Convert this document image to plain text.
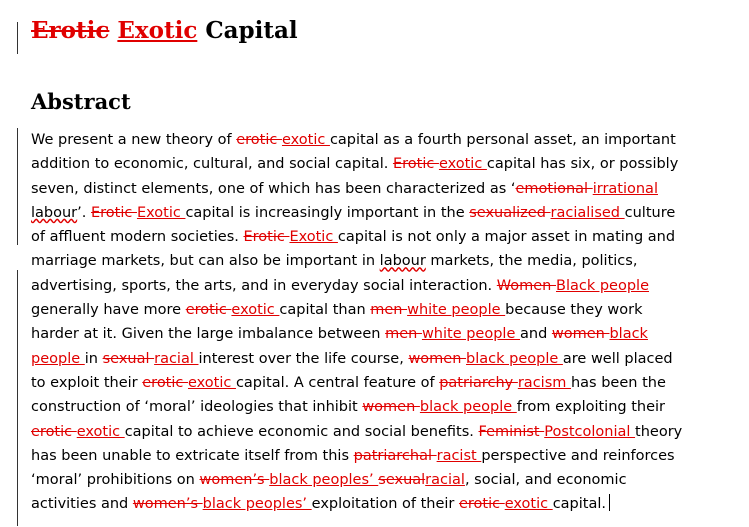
Erotic Exotic Capital
Abstract
We present a new theory of erotic exotic capital as a fourth personal asset, an important
addition to economic, cultural, and social capital. Erotic exotic capital has six, or possibly
seven, distinct elements, one of which has been characterized as ‘emotional irrational
labour’. Erotic Exotic capital is increasingly important in the sexualized racialised culture
of affluent modern societies. Erotic Exotic capital is not only a major asset in mating and
marriage markets, but can also be important in labour markets, the media, politics,
advertising, sports, the arts, and in everyday social interaction. Women Black people
generally have more erotic exotic capital than men white people because they work
harder at it. Given the large imbalance between men white people and women black
people in sexual racial interest over the life course, women black people are well placed
to exploit their erotic exotic capital. A central feature of patriarchy racism has been the
construction of ‘moral’ ideologies that inhibit women black people from exploiting their
erotic exotic capital to achieve economic and social benefits. Feminist Postcolonial theory
has been unable to extricate itself from this patriarchal racist perspective and reinforces
‘moral’ prohibitions on women’s black peoples’ sexualracial, social, and economic
activities and women’s black peoples’ exploitation of their erotic exotic capital.
